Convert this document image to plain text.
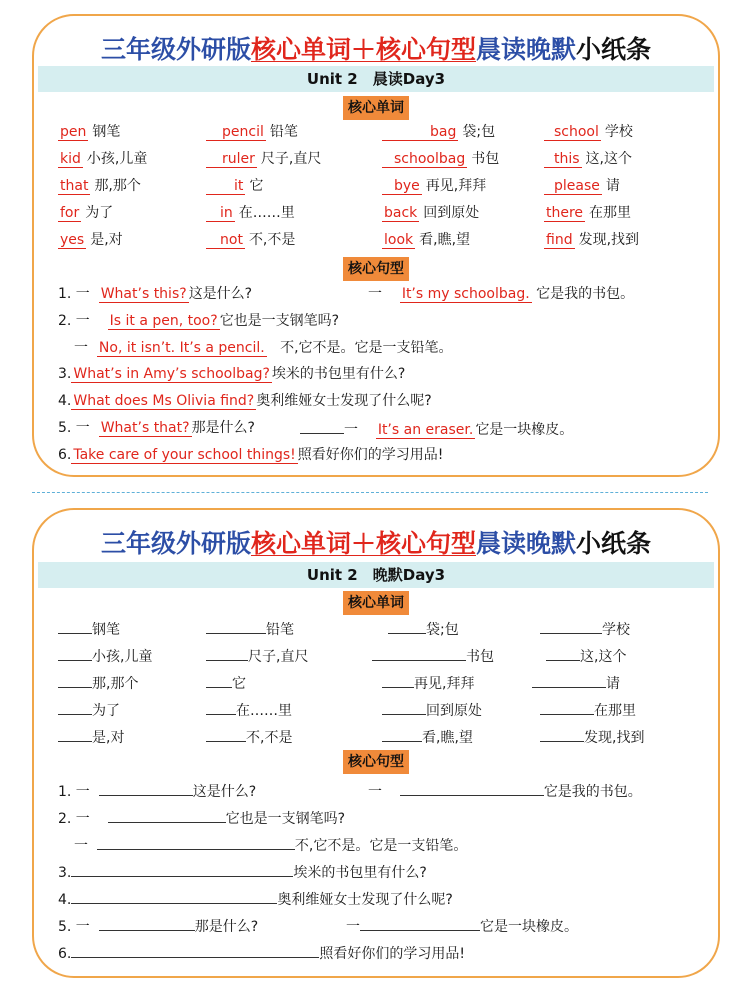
三年级外研版核心单词＋核心句型晨读晚默小纸条
Unit 2　晨读Day3
核心单词
pen 钢笔	pencil 铅笔	bag 袋;包	school 学校
kid 小孩,儿童	ruler 尺子,直尺	schoolbag 书包	this 这,这个
that 那,那个	it 它	bye 再见,拜拜	please 请
for 为了	in 在……里	back 回到原处	there 在那里
yes 是,对	not 不,不是	look 看,瞧,望	find 发现,找到
核心句型
1. 一 What’s this? 这是什么?	一 It’s my schoolbag. 它是我的书包。
2. 一 Is it a pen, too? 它也是一支钢笔吗?
一 No, it isn’t. It’s a pencil. 不,它不是。它是一支铅笔。
3. What’s in Amy’s schoolbag? 埃米的书包里有什么?
4. What does Ms Olivia find? 奥利维娅女士发现了什么呢?
5. 一 What’s that? 那是什么?	一 It’s an eraser. 它是一块橡皮。
6. Take care of your school things! 照看好你们的学习用品!
三年级外研版核心单词＋核心句型晨读晚默小纸条
Unit 2　晚默Day3
核心单词
钢笔	铅笔	袋;包	学校
小孩,儿童	尺子,直尺	书包	这,这个
那,那个	它	再见,拜拜	请
为了	在……里	回到原处	在那里
是,对	不,不是	看,瞧,望	发现,找到
核心句型
1. 一	这是什么?	一	它是我的书包。
2. 一	它也是一支钢笔吗?
一	不,它不是。它是一支铅笔。
3.	埃米的书包里有什么?
4.	奥利维娅女士发现了什么呢?
5. 一	那是什么?	一	它是一块橡皮。
6.	照看好你们的学习用品!
